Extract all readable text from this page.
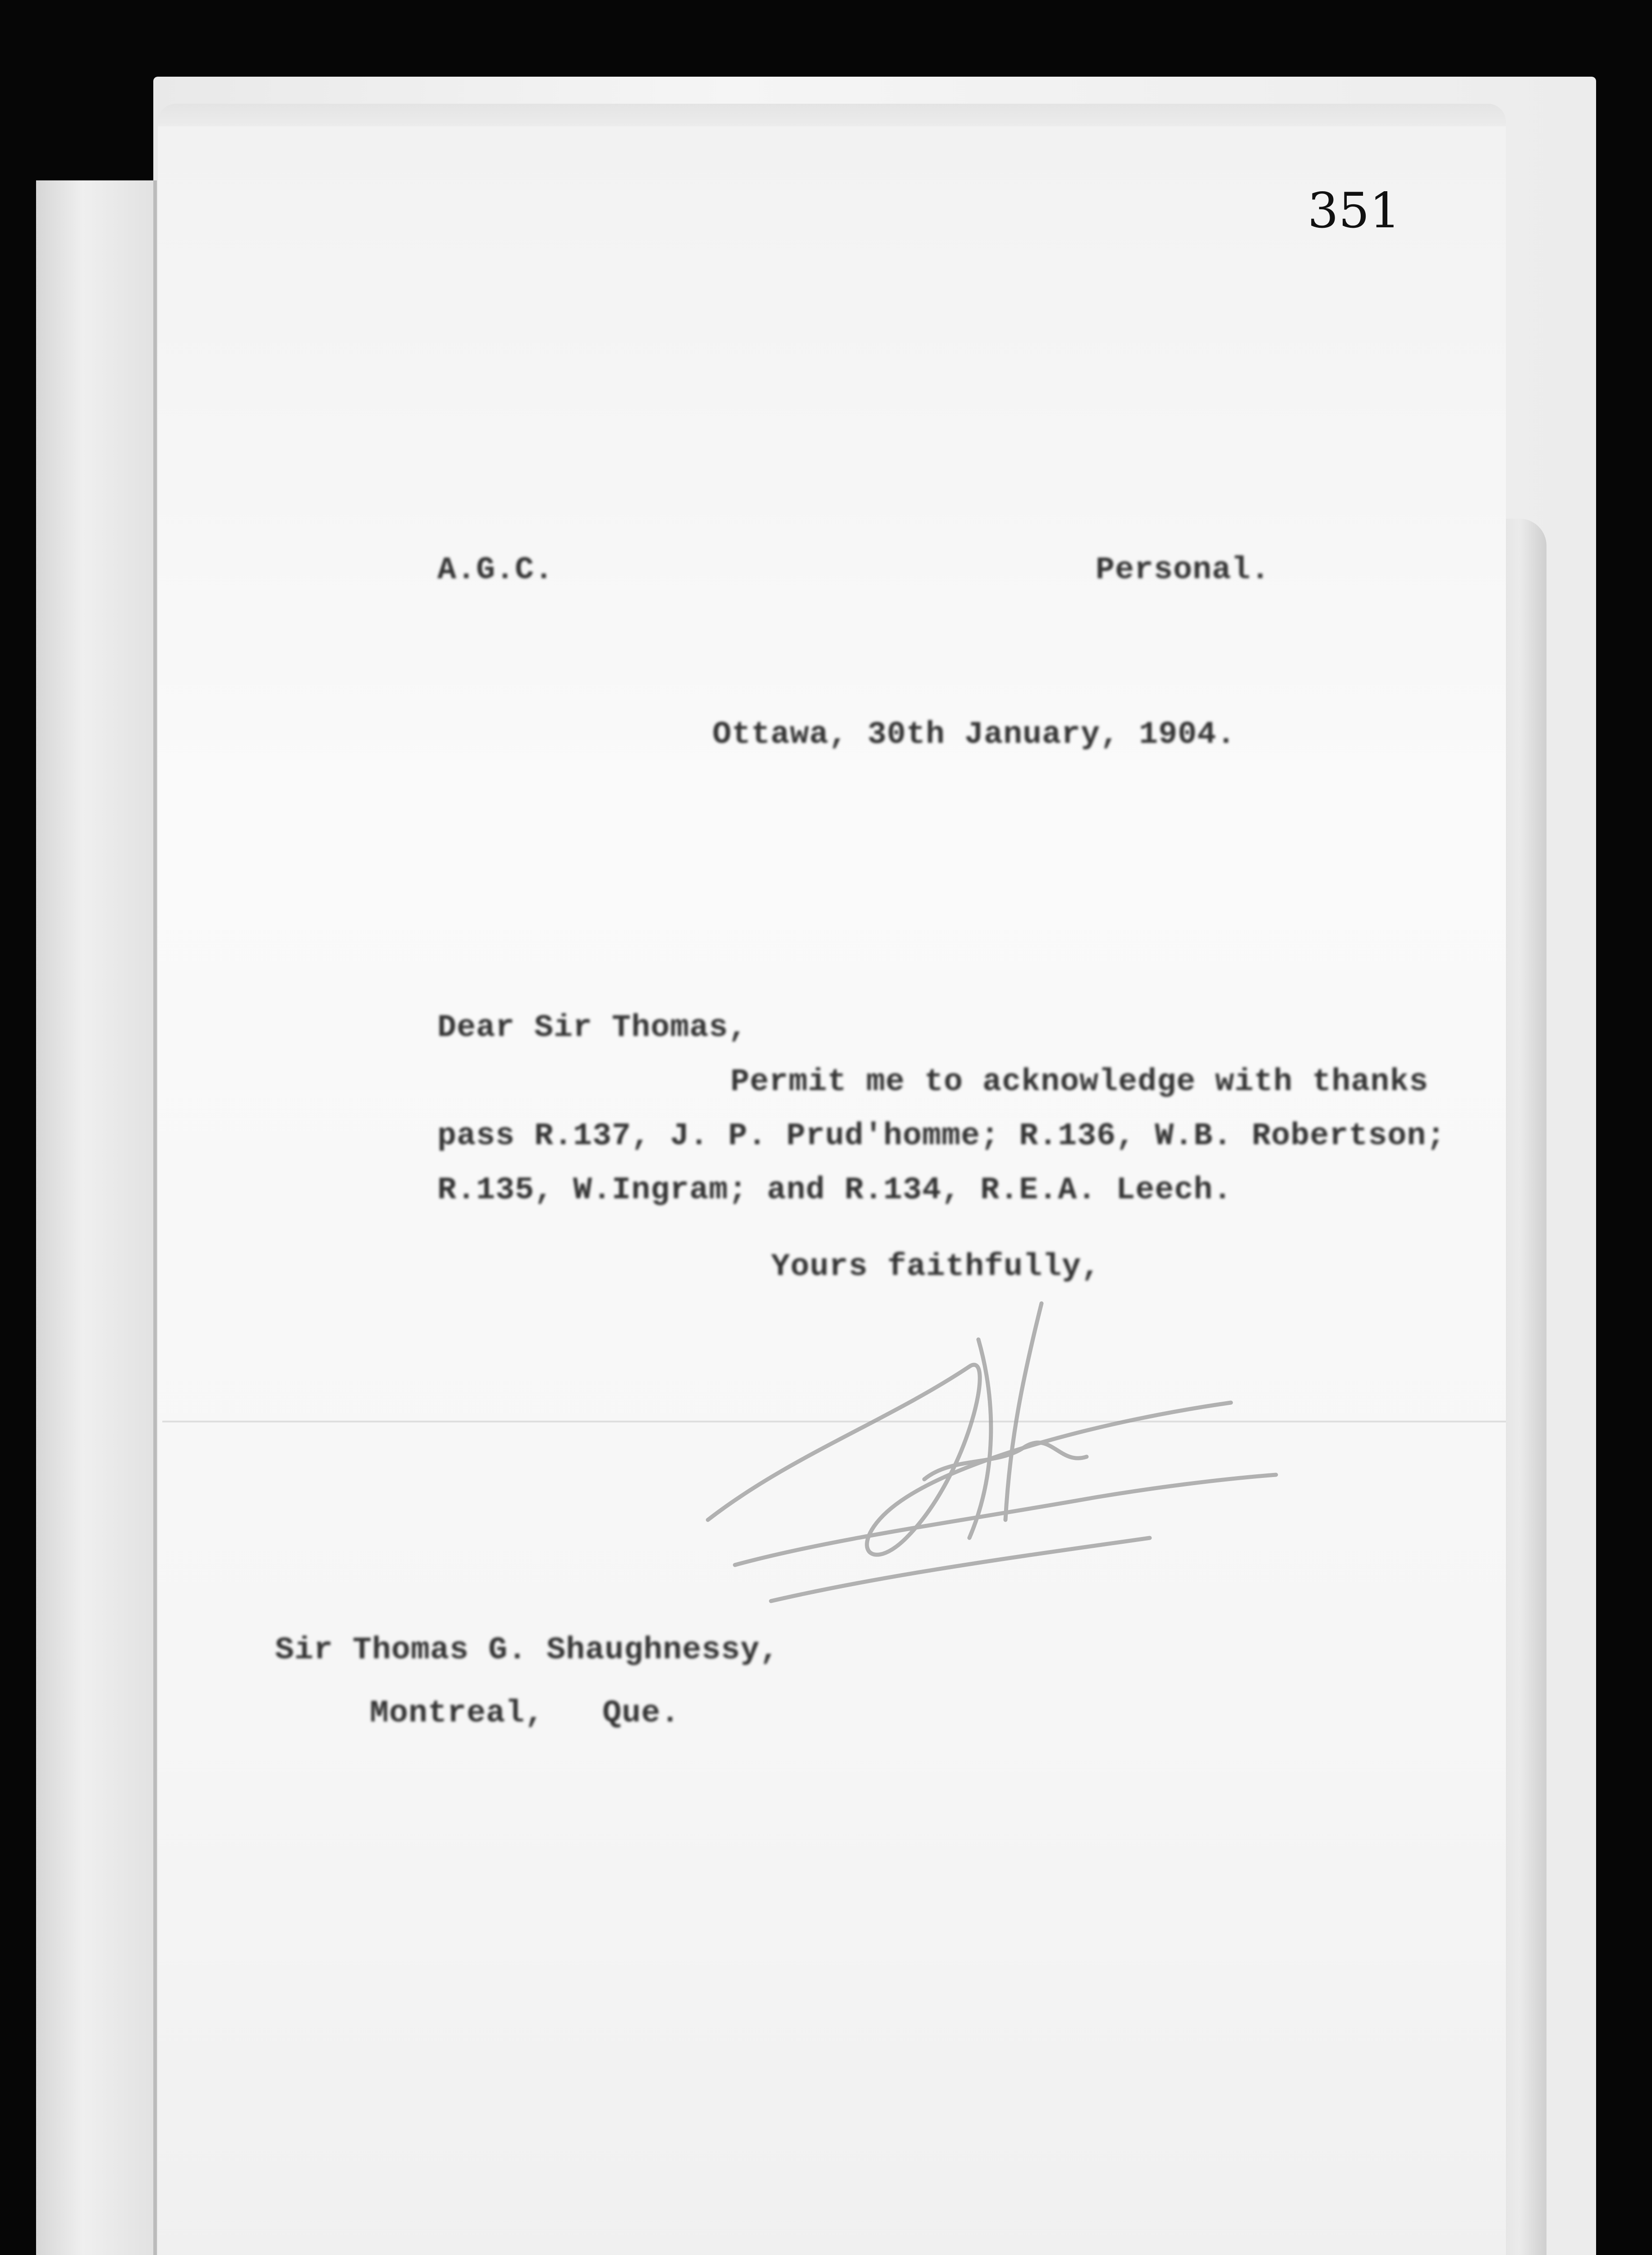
351
A.G.C.	Personal.
Ottawa, 30th January, 1904.
Dear Sir Thomas,
Permit me to acknowledge with thanks
pass R.137, J. P. Prud'homme; R.136, W.B. Robertson;
R.135, W.Ingram; and R.134, R.E.A. Leech.
Yours faithfully,
Sir Thomas G. Shaughnessy,
Montreal,   Que.
